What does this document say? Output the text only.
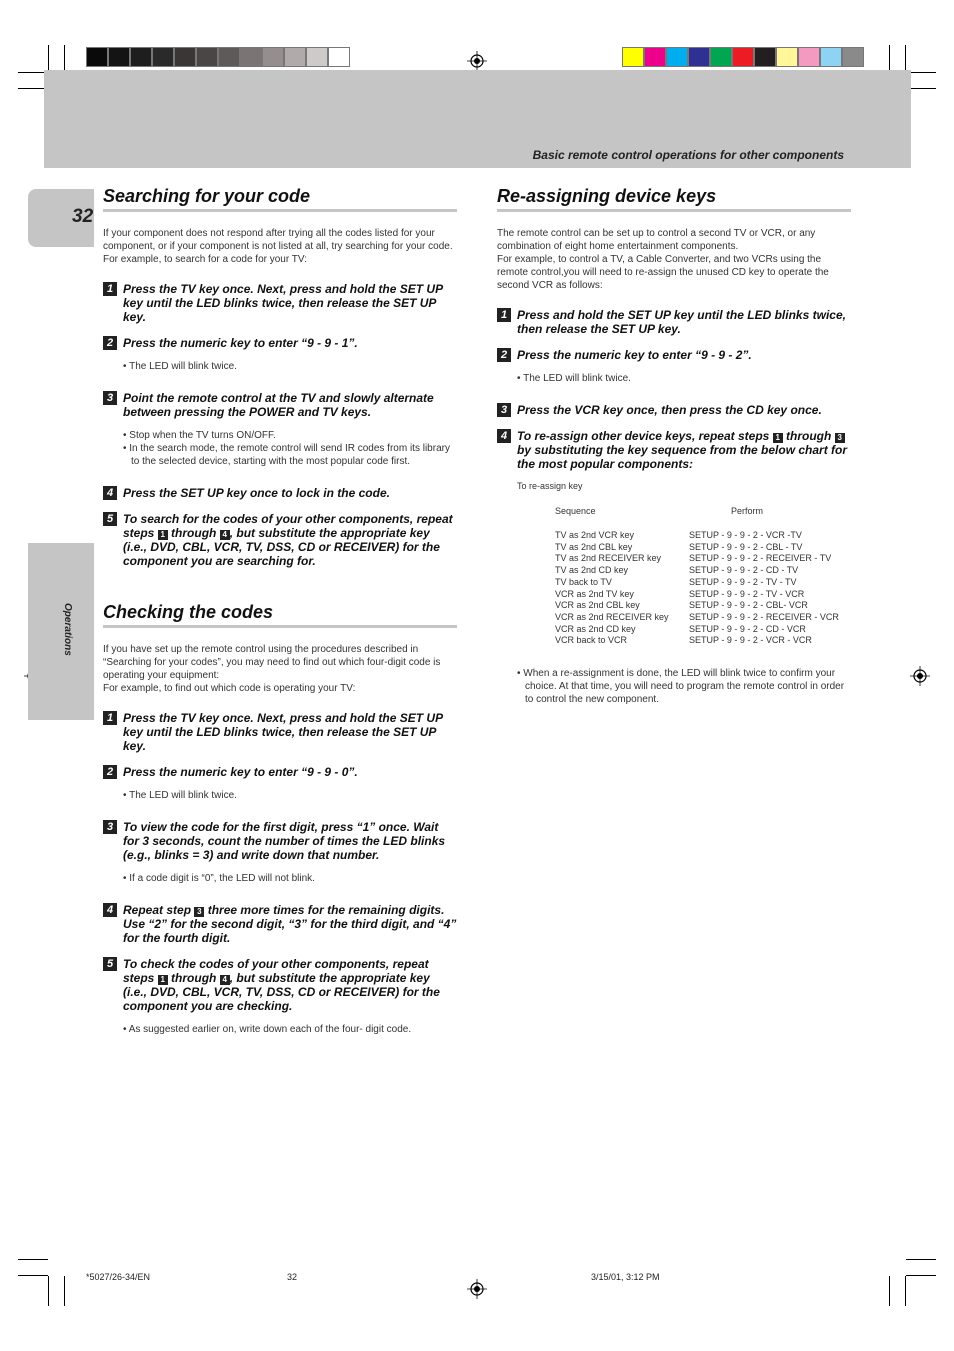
Basic remote control operations for other components
32
Operations
Searching for your code
If your component does not respond after trying all the codes listed for your component, or if your component is not listed at all, try searching for your code.
For example, to search for a code for your TV:
1 Press the TV key once. Next, press and hold the SET UP key until the LED blinks twice, then release the SET UP key.
2 Press the numeric key to enter “9 - 9 - 1”.
• The LED will blink twice.
3 Point the remote control at the TV and slowly alternate between pressing the POWER and TV keys.
• Stop when the TV turns ON/OFF.
• In the search mode, the remote control will send IR codes from its library to the selected device, starting with the most popular code first.
4 Press the SET UP key once to lock in the code.
5 To search for the codes of your other components, repeat steps 1 through 4 , but substitute the appropriate key (i.e., DVD, CBL, VCR, TV, DSS, CD or RECEIVER) for the component you are searching for.
Checking the codes
If you have set up the remote control using the procedures described in “Searching for your codes”, you may need to find out which four-digit code is operating your equipment:
For example, to find out which code is operating your TV:
1 Press the TV key once. Next, press and hold the SET UP key until the LED blinks twice, then release the SET UP key.
2 Press the numeric key to enter “9 - 9 - 0”.
• The LED will blink twice.
3 To view the code for the first digit, press “1” once. Wait for 3 seconds, count the number of times the LED blinks (e.g., blinks = 3) and write down that number.
• If a code digit is “0”, the LED will not blink.
4 Repeat step 3 three more times for the remaining digits. Use “2” for the second digit, “3” for the third digit, and “4” for the fourth digit.
5 To check the codes of your other components, repeat steps 1 through 4 , but substitute the appropriate key (i.e., DVD, CBL, VCR, TV, DSS, CD or RECEIVER) for the component you are checking.
• As suggested earlier on, write down each of the four- digit code.
Re-assigning device keys
The remote control can be set up to control a second TV or VCR, or any combination of eight home entertainment components.
For example, to control a TV, a Cable Converter, and two VCRs using the remote control,you will need to re-assign the unused CD key to operate the second VCR as follows:
1 Press and hold the SET UP key until the LED blinks twice, then release the SET UP key.
2 Press the numeric key to enter “9 - 9 - 2”.
• The LED will blink twice.
3 Press the VCR key once, then press the CD key once.
4 To re-assign other device keys, repeat steps 1 through 3 by substituting the key sequence from the below chart for the most popular components:
To re-assign key
Sequence	Perform
TV as 2nd VCR key	SETUP - 9 - 9 - 2 - VCR -TV
TV as 2nd CBL key	SETUP - 9 - 9 - 2 - CBL - TV
TV as 2nd RECEIVER key	SETUP - 9 - 9 - 2 - RECEIVER - TV
TV as 2nd CD key	SETUP - 9 - 9 - 2 - CD - TV
TV back to TV	SETUP - 9 - 9 - 2 - TV - TV
VCR as 2nd TV key	SETUP - 9 - 9 - 2 - TV - VCR
VCR as 2nd CBL key	SETUP - 9 - 9 - 2 - CBL- VCR
VCR as 2nd RECEIVER key	SETUP - 9 - 9 - 2 - RECEIVER - VCR
VCR as 2nd CD key	SETUP - 9 - 9 - 2 - CD - VCR
VCR back to VCR	SETUP - 9 - 9 - 2 - VCR - VCR
• When a re-assignment is done, the LED will blink twice to confirm your choice. At that time, you will need to program the remote control in order to control the new component.
*5027/26-34/EN	32	3/15/01, 3:12 PM
